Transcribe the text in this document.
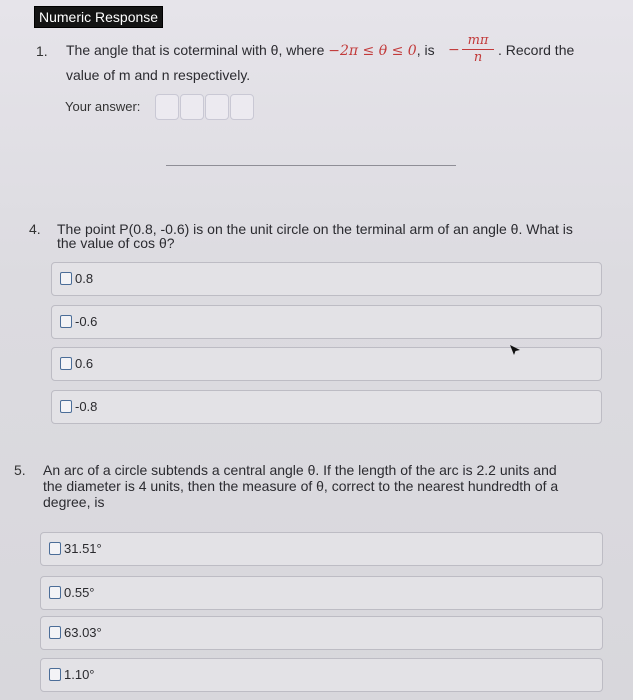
Numeric Response
1. The angle that is coterminal with θ, where −2π ≤ θ ≤ 0, is −
mπ
n	. Record the
value of m and n respectively.
Your answer:
4. The point P(0.8, -0.6) is on the unit circle on the terminal arm of an angle θ. What is
the value of cos θ?
0.8
-0.6
0.6
-0.8
5. An arc of a circle subtends a central angle θ. If the length of the arc is 2.2 units and
the diameter is 4 units, then the measure of θ, correct to the nearest hundredth of a
degree, is
31.51°
0.55°
63.03°
1.10°
